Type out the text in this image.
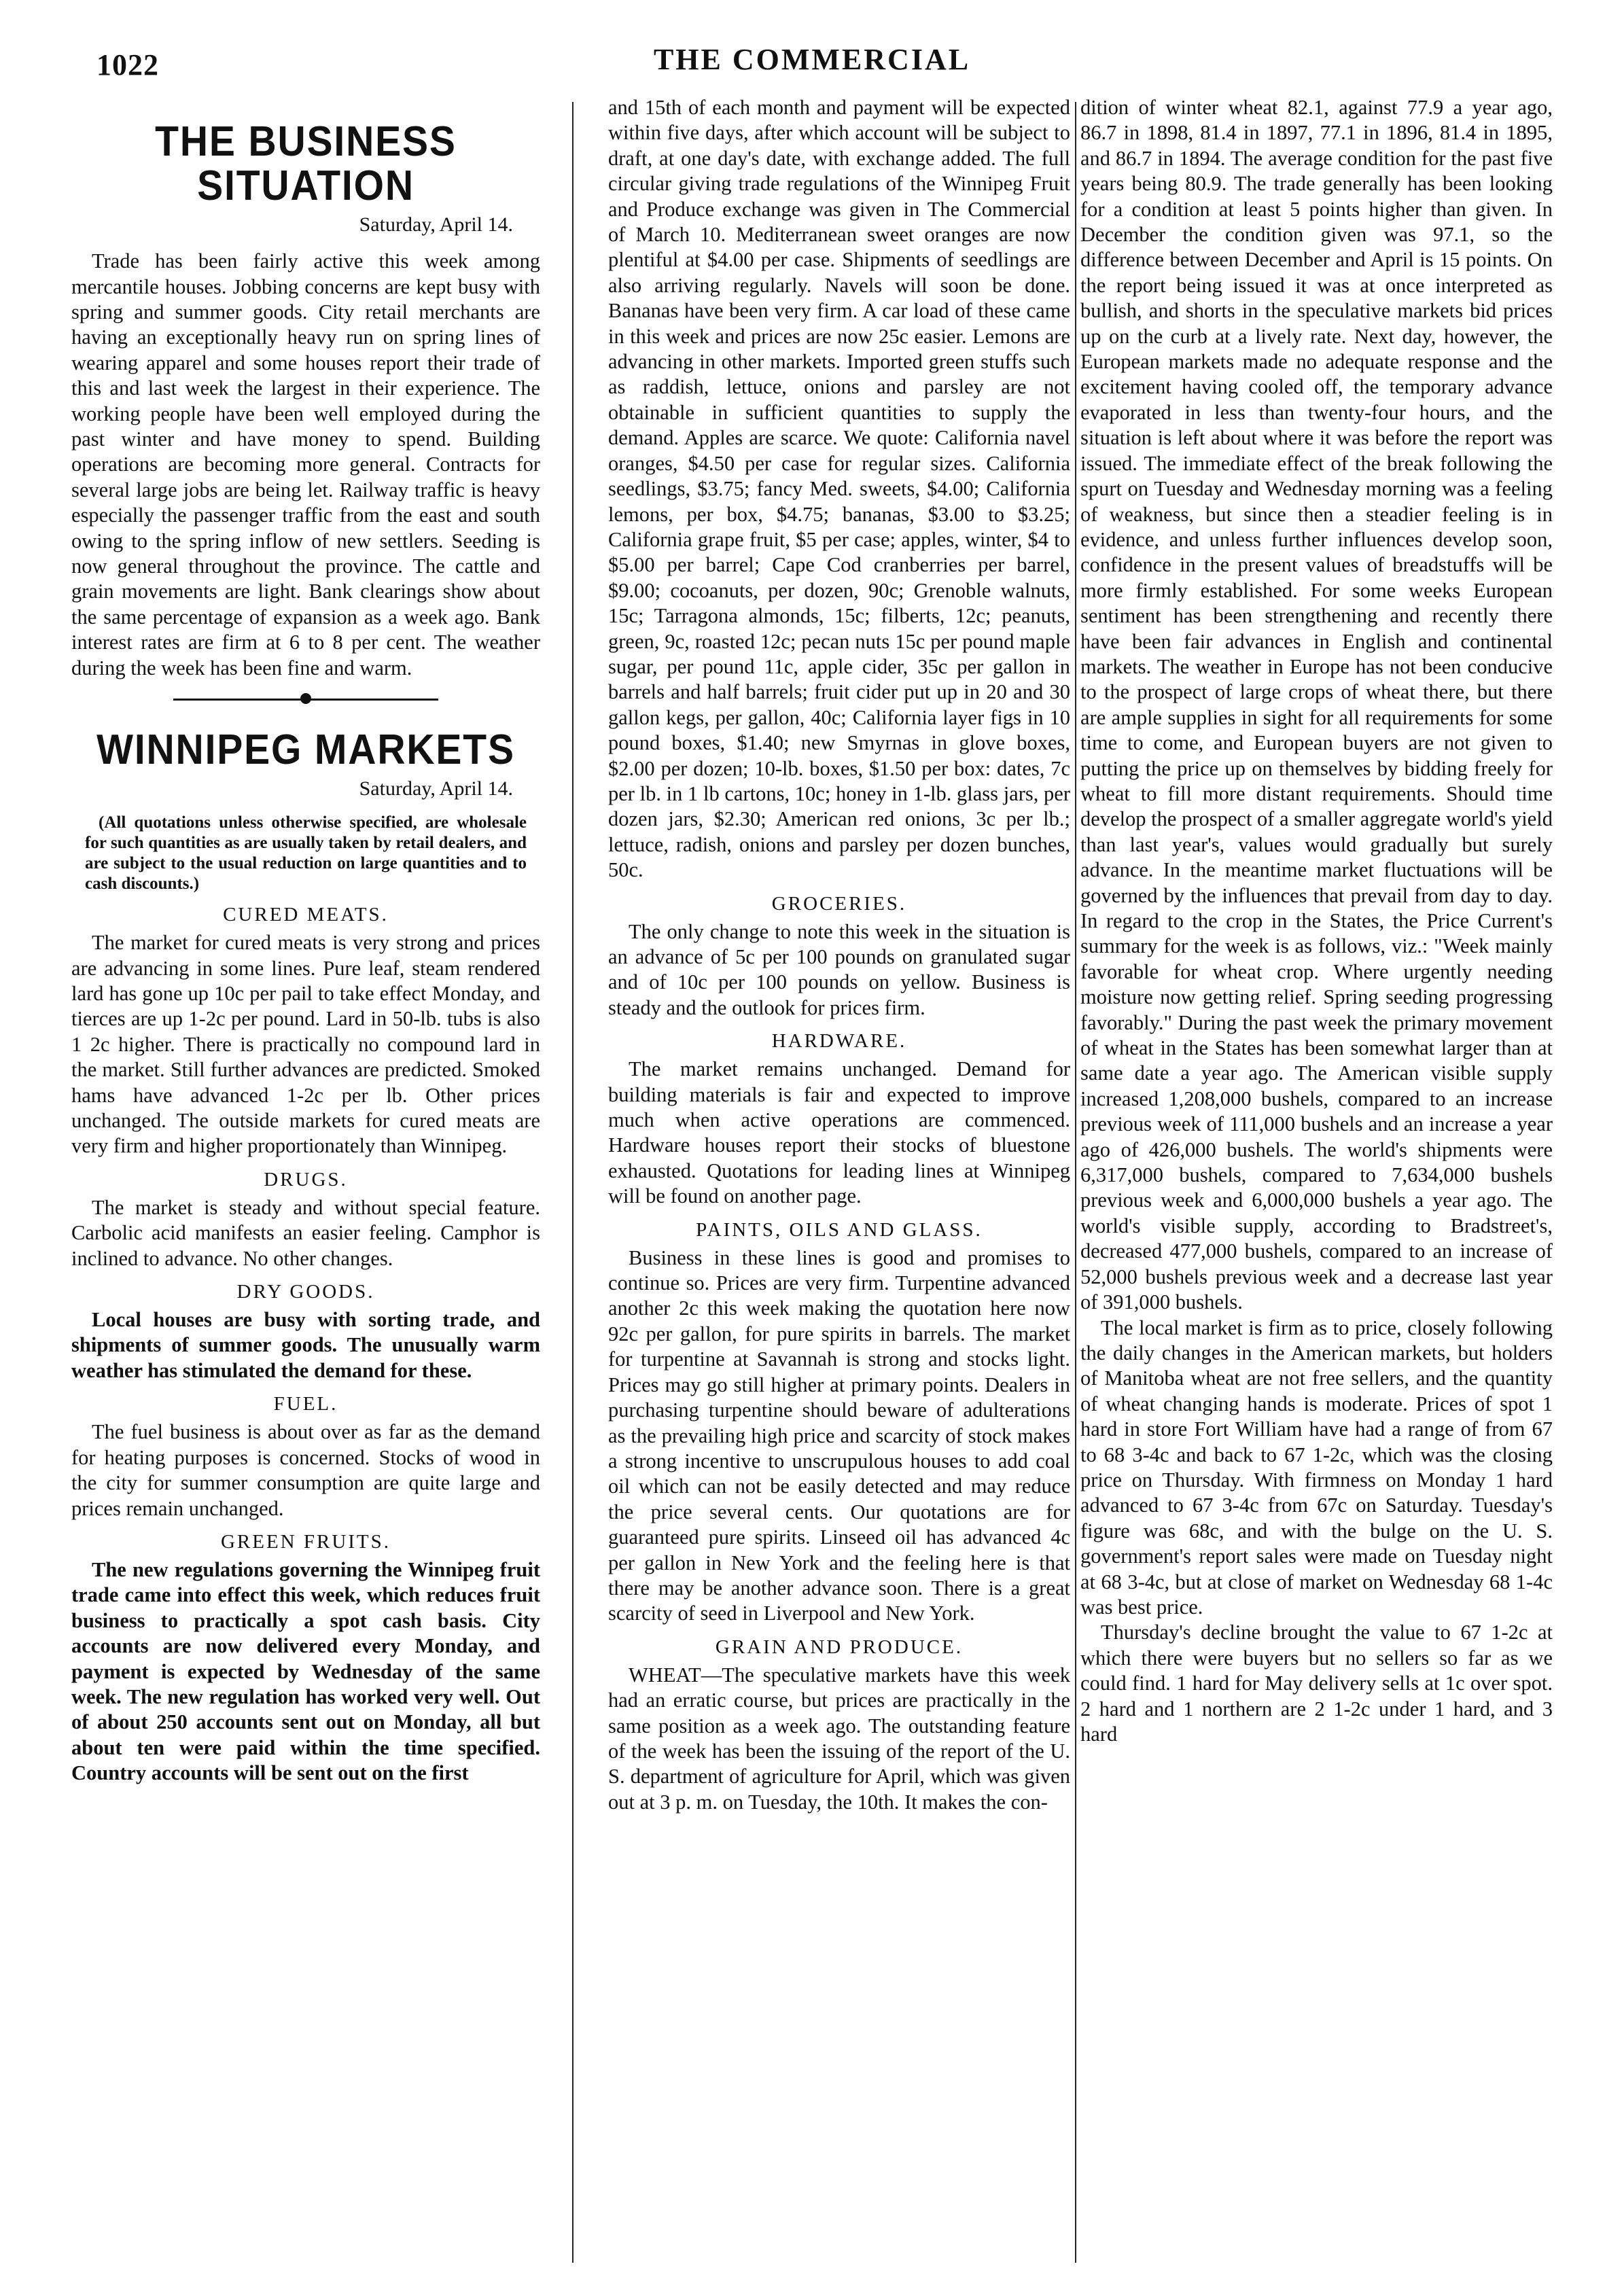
1022	THE COMMERCIAL
THE BUSINESS SITUATION
Saturday, April 14.

Trade has been fairly active this week among mercantile houses. Jobbing concerns are kept busy with spring and summer goods. City retail merchants are having an exceptionally heavy run on spring lines of wearing apparel and some houses report their trade of this and last week the largest in their experience. The working people have been well employed during the past winter and have money to spend. Building operations are becoming more general. Contracts for several large jobs are being let. Railway traffic is heavy especially the passenger traffic from the east and south owing to the spring inflow of new settlers. Seeding is now general throughout the province. The cattle and grain movements are light. Bank clearings show about the same percentage of expansion as a week ago. Bank interest rates are firm at 6 to 8 per cent. The weather during the week has been fine and warm.

WINNIPEG MARKETS
Saturday, April 14.

(All quotations unless otherwise specified, are wholesale for such quantities as are usually taken by retail dealers, and are subject to the usual reduction on large quantities and to cash discounts.)

CURED MEATS.

The market for cured meats is very strong and prices are advancing in some lines. Pure leaf, steam rendered lard has gone up 10c per pail to take effect Monday, and tierces are up 1-2c per pound. Lard in 50-lb. tubs is also 1 2c higher. There is practically no compound lard in the market. Still further advances are predicted. Smoked hams have advanced 1-2c per lb. Other prices unchanged. The outside markets for cured meats are very firm and higher proportionately than Winnipeg.

DRUGS.

The market is steady and without special feature. Carbolic acid manifests an easier feeling. Camphor is inclined to advance. No other changes.

DRY GOODS.

Local houses are busy with sorting trade, and shipments of summer goods. The unusually warm weather has stimulated the demand for these.

FUEL.

The fuel business is about over as far as the demand for heating purposes is concerned. Stocks of wood in the city for summer consumption are quite large and prices remain unchanged.

GREEN FRUITS.

The new regulations governing the Winnipeg fruit trade came into effect this week, which reduces fruit business to practically a spot cash basis. City accounts are now delivered every Monday, and payment is expected by Wednesday of the same week. The new regulation has worked very well. Out of about 250 accounts sent out on Monday, all but about ten were paid within the time specified. Country accounts will be sent out on the first

and 15th of each month and payment will be expected within five days, after which account will be subject to draft, at one day's date, with exchange added. The full circular giving trade regulations of the Winnipeg Fruit and Produce exchange was given in The Commercial of March 10. Mediterranean sweet oranges are now plentiful at $4.00 per case. Shipments of seedlings are also arriving regularly. Navels will soon be done. Bananas have been very firm. A car load of these came in this week and prices are now 25c easier. Lemons are advancing in other markets. Imported green stuffs such as raddish, lettuce, onions and parsley are not obtainable in sufficient quantities to supply the demand. Apples are scarce. We quote: California navel oranges, $4.50 per case for regular sizes. California seedlings, $3.75; fancy Med. sweets, $4.00; California lemons, per box, $4.75; bananas, $3.00 to $3.25; California grape fruit, $5 per case; apples, winter, $4 to $5.00 per barrel; Cape Cod cranberries per barrel, $9.00; cocoanuts, per dozen, 90c; Grenoble walnuts, 15c; Tarragona almonds, 15c; filberts, 12c; peanuts, green, 9c, roasted 12c; pecan nuts 15c per pound maple sugar, per pound 11c, apple cider, 35c per gallon in barrels and half barrels; fruit cider put up in 20 and 30 gallon kegs, per gallon, 40c; California layer figs in 10 pound boxes, $1.40; new Smyrnas in glove boxes, $2.00 per dozen; 10-lb. boxes, $1.50 per box: dates, 7c per lb. in 1 lb cartons, 10c; honey in 1-lb. glass jars, per dozen jars, $2.30; American red onions, 3c per lb.; lettuce, radish, onions and parsley per dozen bunches, 50c.

GROCERIES.

The only change to note this week in the situation is an advance of 5c per 100 pounds on granulated sugar and of 10c per 100 pounds on yellow. Business is steady and the outlook for prices firm.

HARDWARE.

The market remains unchanged. Demand for building materials is fair and expected to improve much when active operations are commenced. Hardware houses report their stocks of bluestone exhausted. Quotations for leading lines at Winnipeg will be found on another page.

PAINTS, OILS AND GLASS.

Business in these lines is good and promises to continue so. Prices are very firm. Turpentine advanced another 2c this week making the quotation here now 92c per gallon, for pure spirits in barrels. The market for turpentine at Savannah is strong and stocks light. Prices may go still higher at primary points. Dealers in purchasing turpentine should beware of adulterations as the prevailing high price and scarcity of stock makes a strong incentive to unscrupulous houses to add coal oil which can not be easily detected and may reduce the price several cents. Our quotations are for guaranteed pure spirits. Linseed oil has advanced 4c per gallon in New York and the feeling here is that there may be another advance soon. There is a great scarcity of seed in Liverpool and New York.

GRAIN AND PRODUCE.

WHEAT—The speculative markets have this week had an erratic course, but prices are practically in the same position as a week ago. The outstanding feature of the week has been the issuing of the report of the U. S. department of agriculture for April, which was given out at 3 p. m. on Tuesday, the 10th. It makes the con-

dition of winter wheat 82.1, against 77.9 a year ago, 86.7 in 1898, 81.4 in 1897, 77.1 in 1896, 81.4 in 1895, and 86.7 in 1894. The average condition for the past five years being 80.9. The trade generally has been looking for a condition at least 5 points higher than given. In December the condition given was 97.1, so the difference between December and April is 15 points. On the report being issued it was at once interpreted as bullish, and shorts in the speculative markets bid prices up on the curb at a lively rate. Next day, however, the European markets made no adequate response and the excitement having cooled off, the temporary advance evaporated in less than twenty-four hours, and the situation is left about where it was before the report was issued. The immediate effect of the break following the spurt on Tuesday and Wednesday morning was a feeling of weakness, but since then a steadier feeling is in evidence, and unless further influences develop soon, confidence in the present values of breadstuffs will be more firmly established. For some weeks European sentiment has been strengthening and recently there have been fair advances in English and continental markets. The weather in Europe has not been conducive to the prospect of large crops of wheat there, but there are ample supplies in sight for all requirements for some time to come, and European buyers are not given to putting the price up on themselves by bidding freely for wheat to fill more distant requirements. Should time develop the prospect of a smaller aggregate world's yield than last year's, values would gradually but surely advance. In the meantime market fluctuations will be governed by the influences that prevail from day to day. In regard to the crop in the States, the Price Current's summary for the week is as follows, viz.: "Week mainly favorable for wheat crop. Where urgently needing moisture now getting relief. Spring seeding progressing favorably." During the past week the primary movement of wheat in the States has been somewhat larger than at same date a year ago. The American visible supply increased 1,208,000 bushels, compared to an increase previous week of 111,000 bushels and an increase a year ago of 426,000 bushels. The world's shipments were 6,317,000 bushels, compared to 7,634,000 bushels previous week and 6,000,000 bushels a year ago. The world's visible supply, according to Bradstreet's, decreased 477,000 bushels, compared to an increase of 52,000 bushels previous week and a decrease last year of 391,000 bushels.

The local market is firm as to price, closely following the daily changes in the American markets, but holders of Manitoba wheat are not free sellers, and the quantity of wheat changing hands is moderate. Prices of spot 1 hard in store Fort William have had a range of from 67 to 68 3-4c and back to 67 1-2c, which was the closing price on Thursday. With firmness on Monday 1 hard advanced to 67 3-4c from 67c on Saturday. Tuesday's figure was 68c, and with the bulge on the U. S. government's report sales were made on Tuesday night at 68 3-4c, but at close of market on Wednesday 68 1-4c was best price.

Thursday's decline brought the value to 67 1-2c at which there were buyers but no sellers so far as we could find. 1 hard for May delivery sells at 1c over spot. 2 hard and 1 northern are 2 1-2c under 1 hard, and 3 hard
